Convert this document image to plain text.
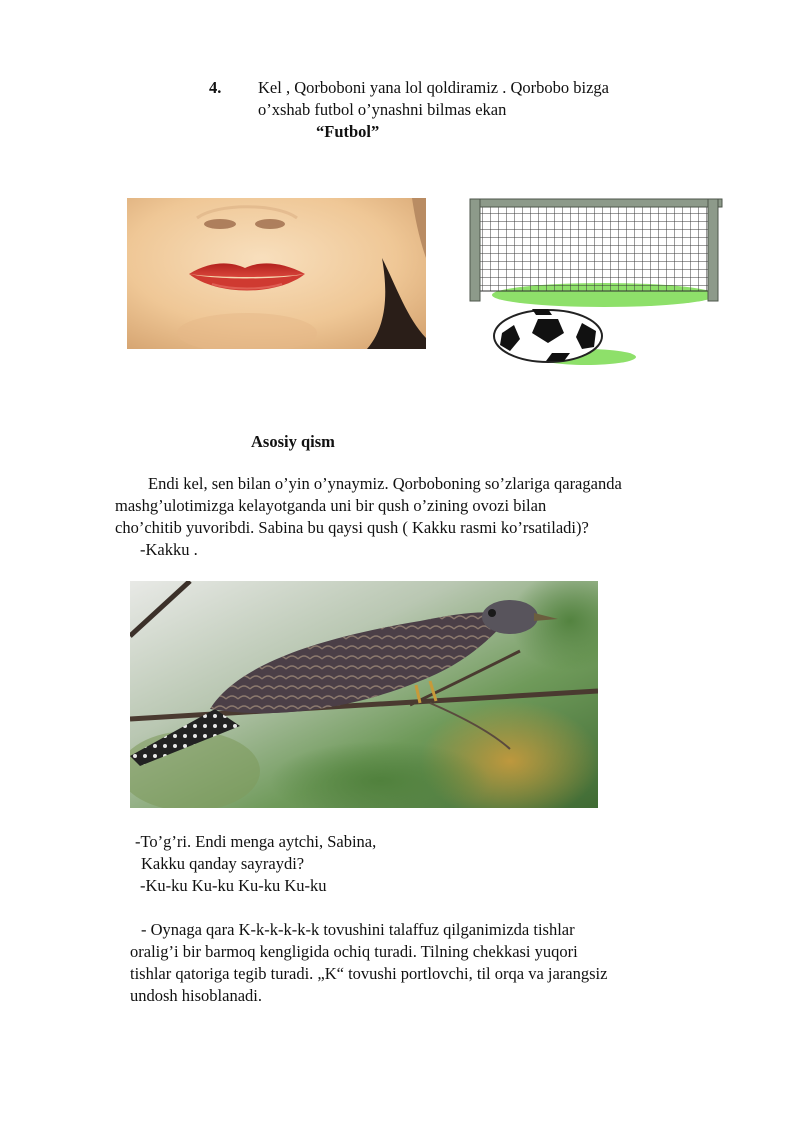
4. Kel , Qorboboni yana lol qoldiramiz . Qorbobo bizga
o’xshab futbol o’ynashni bilmas ekan
“Futbol”
Asosiy qism
Endi kel, sen bilan o’yin o’ynaymiz. Qorboboning so’zlariga qaraganda
mashg’ulotimizga kelayotganda uni bir qush o’zining ovozi bilan
cho’chitib yuvoribdi. Sabina bu qaysi qush ( Kakku rasmi ko’rsatiladi)?
-Kakku .
-To’g’ri. Endi menga aytchi, Sabina,
Kakku qanday sayraydi?
-Ku-ku Ku-ku Ku-ku Ku-ku
- Oynaga qara K-k-k-k-k-k tovushini talaffuz qilganimizda tishlar
oralig’i bir barmoq kengligida ochiq turadi. Tilning chekkasi yuqori
tishlar qatoriga tegib turadi. „K“ tovushi portlovchi, til orqa va jarangsiz
undosh hisoblanadi.
